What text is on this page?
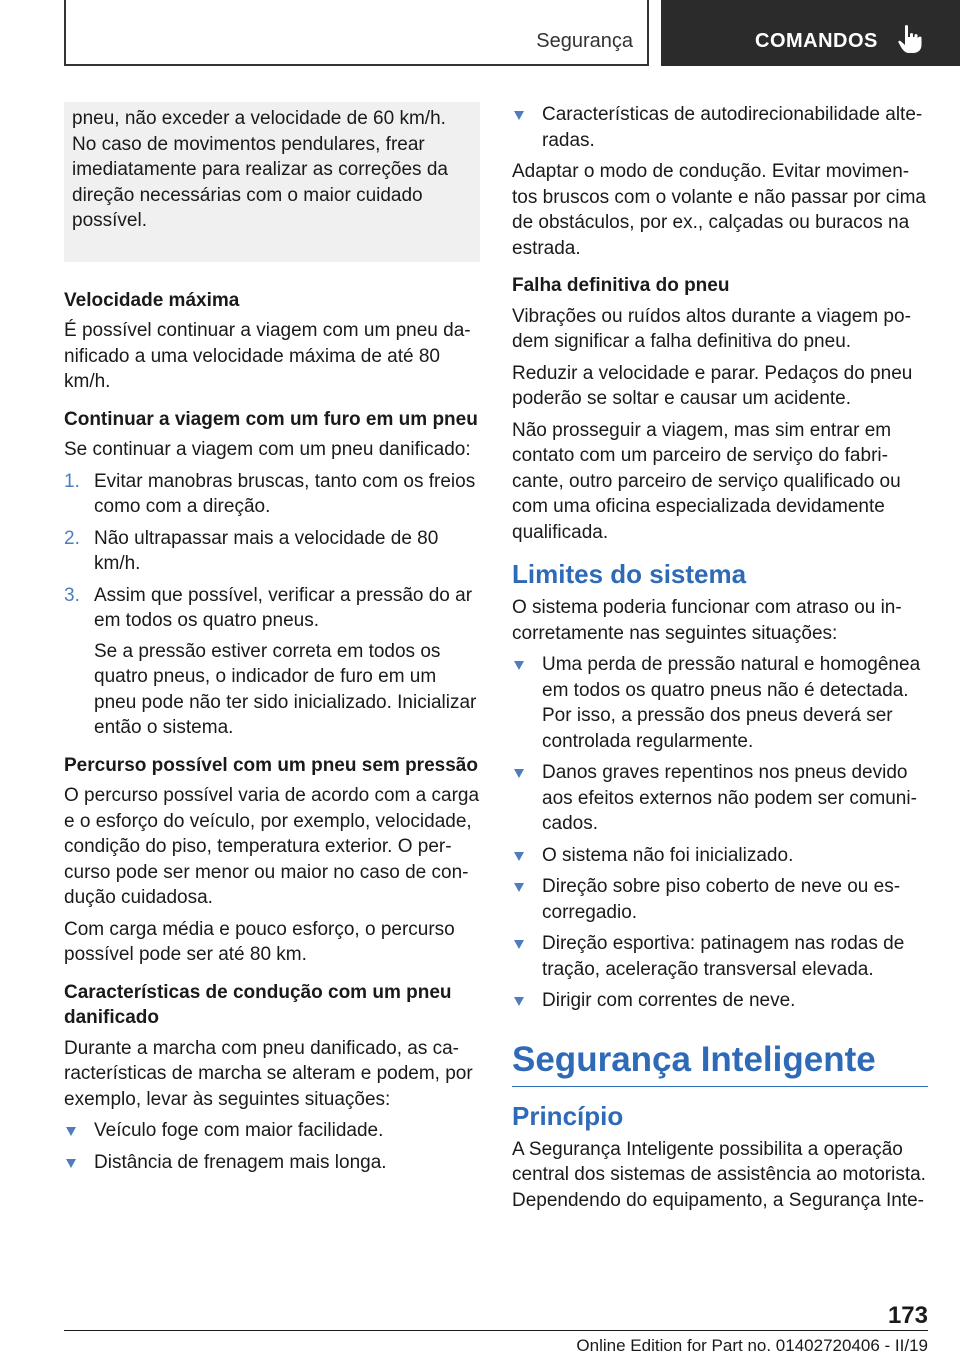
Segurança	COMANDOS

pneu, não exceder a velocidade de 60 km/h. No caso de movimentos pendulares, frear imediatamente para realizar as correções da direção necessárias com o maior cuidado possível.

Velocidade máxima

É possível continuar a viagem com um pneu danificado a uma velocidade máxima de até 80 km/h.

Continuar a viagem com um furo em um pneu

Se continuar a viagem com um pneu danificado:

1. Evitar manobras bruscas, tanto com os freios como com a direção.
2. Não ultrapassar mais a velocidade de 80 km/h.
3. Assim que possível, verificar a pressão do ar em todos os quatro pneus.
Se a pressão estiver correta em todos os quatro pneus, o indicador de furo em um pneu pode não ter sido inicializado. Inicializar então o sistema.
Percurso possível com um pneu sem pressão

O percurso possível varia de acordo com a carga e o esforço do veículo, por exemplo, velocidade, condição do piso, temperatura exterior. O percurso pode ser menor ou maior no caso de condução cuidadosa.

Com carga média e pouco esforço, o percurso possível pode ser até 80 km.

Características de condução com um pneu danificado

Durante a marcha com pneu danificado, as características de marcha se alteram e podem, por exemplo, levar às seguintes situações:

Veículo foge com maior facilidade.
Distância de frenagem mais longa.
Características de autodirecionabilidade alteradas.

Adaptar o modo de condução. Evitar movimentos bruscos com o volante e não passar por cima de obstáculos, por ex., calçadas ou buracos na estrada.

Falha definitiva do pneu

Vibrações ou ruídos altos durante a viagem podem significar a falha definitiva do pneu.

Reduzir a velocidade e parar. Pedaços do pneu poderão se soltar e causar um acidente.

Não prosseguir a viagem, mas sim entrar em contato com um parceiro de serviço do fabricante, outro parceiro de serviço qualificado ou com uma oficina especializada devidamente qualificada.

Limites do sistema

O sistema poderia funcionar com atraso ou incorretamente nas seguintes situações:

Uma perda de pressão natural e homogênea em todos os quatro pneus não é detectada. Por isso, a pressão dos pneus deverá ser controlada regularmente.
Danos graves repentinos nos pneus devido aos efeitos externos não podem ser comunicados.
O sistema não foi inicializado.
Direção sobre piso coberto de neve ou escorregadio.
Direção esportiva: patinagem nas rodas de tração, aceleração transversal elevada.
Dirigir com correntes de neve.
Segurança Inteligente
Princípio

A Segurança Inteligente possibilita a operação central dos sistemas de assistência ao motorista. Dependendo do equipamento, a Segurança Inte-

173
Online Edition for Part no. 01402720406 - II/19
